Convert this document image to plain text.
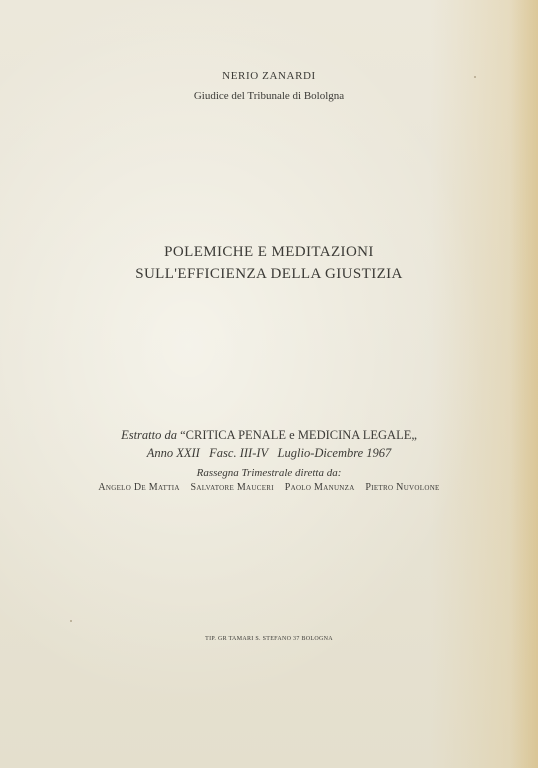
NERIO ZANARDI
Giudice del Tribunale di Bololgna
POLEMICHE E MEDITAZIONI
SULL'EFFICIENZA DELLA GIUSTIZIA
Estratto da “CRITICA PENALE e MEDICINA LEGALE„
Anno XXII Fasc. III-IV Luglio-Dicembre 1967
Rassegna Trimestrale diretta da:
Angelo De Mattia Salvatore Mauceri Paolo Manunza Pietro Nuvolone
TIP. GR TAMARI S. STEFANO 37 BOLOGNA
